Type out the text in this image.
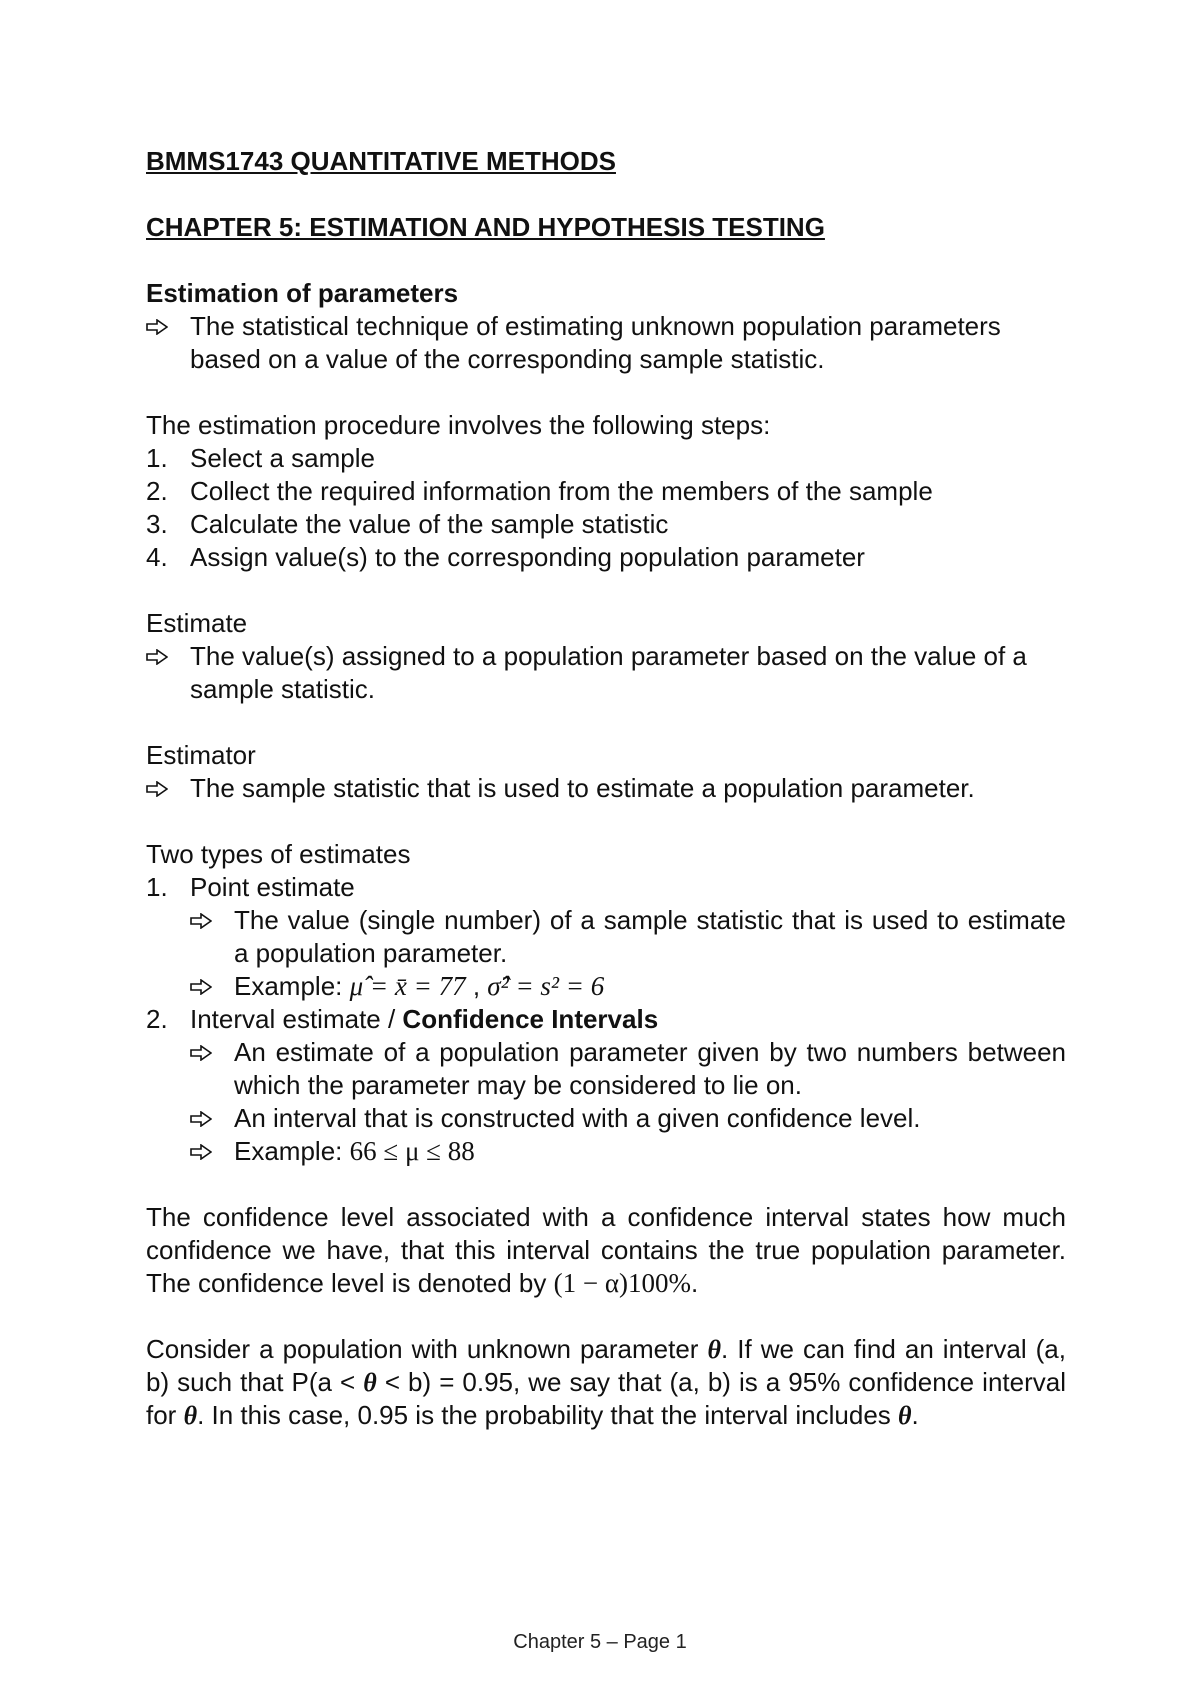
BMMS1743 QUANTITATIVE METHODS
CHAPTER 5: ESTIMATION AND HYPOTHESIS TESTING
Estimation of parameters
The statistical technique of estimating unknown population parameters based on a value of the corresponding sample statistic.
The estimation procedure involves the following steps:
1. Select a sample
2. Collect the required information from the members of the sample
3. Calculate the value of the sample statistic
4. Assign value(s) to the corresponding population parameter
Estimate
The value(s) assigned to a population parameter based on the value of a sample statistic.
Estimator
The sample statistic that is used to estimate a population parameter.
Two types of estimates
1. Point estimate
The value (single number) of a sample statistic that is used to estimate a population parameter.
Example: μ̂ = x̄ = 77 , σ̂² = s² = 6
2. Interval estimate / Confidence Intervals
An estimate of a population parameter given by two numbers between which the parameter may be considered to lie on.
An interval that is constructed with a given confidence level.
Example: 66 ≤ μ ≤ 88
The confidence level associated with a confidence interval states how much confidence we have, that this interval contains the true population parameter. The confidence level is denoted by (1 − α)100%.
Consider a population with unknown parameter θ. If we can find an interval (a, b) such that P(a < θ < b) = 0.95, we say that (a, b) is a 95% confidence interval for θ. In this case, 0.95 is the probability that the interval includes θ.
Chapter 5 – Page 1
